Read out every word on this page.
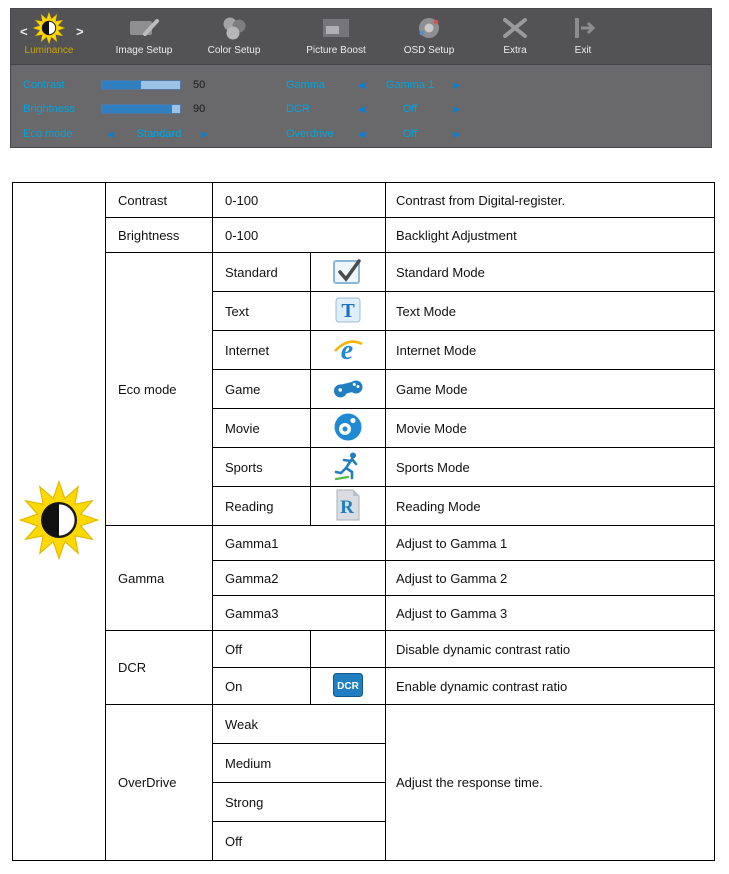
<
Luminance
>
Image Setup	Color Setup	Picture Boost	OSD Setup	Extra	Exit
Contrast	50
Brightness	90
Eco mode	◀	Standard	▶
Gamma	◀	Gamma 1	▶
DCR	◀	Off	▶
Overdrive	◀	Off	▶
	Contrast	0-100		Contrast from Digital-register.
	Brightness	0-100		Backlight Adjustment
	Eco mode	Standard		Standard Mode
		Text	T	Text Mode
		Internet	e	Internet Mode
		Game		Game Mode
		Movie		Movie Mode
		Sports		Sports Mode
		Reading	R	Reading Mode
	Gamma	Gamma1		Adjust to Gamma 1
		Gamma2		Adjust to Gamma 2
		Gamma3		Adjust to Gamma 3
	DCR	Off		Disable dynamic contrast ratio
		On	DCR	Enable dynamic contrast ratio
	OverDrive	Weak		Adjust the response time.
		Medium		
		Strong		
		Off		
